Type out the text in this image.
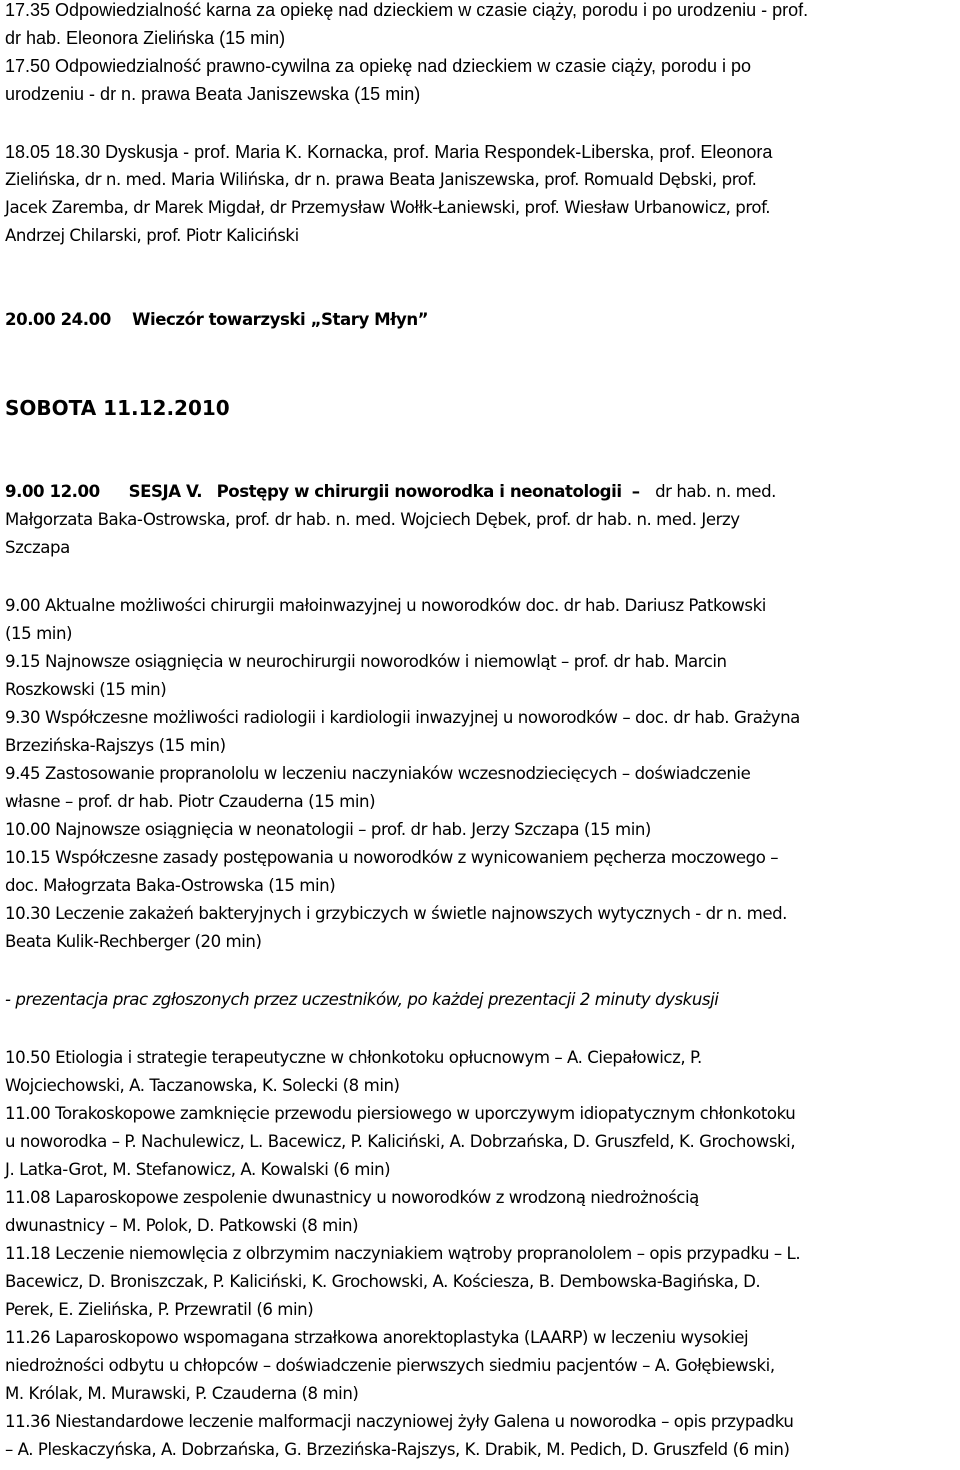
17.35 Odpowiedzialność karna za opiekę nad dzieckiem w czasie ciąży, porodu i po urodzeniu - prof.

dr hab. Eleonora Zielińska (15 min)

17.50 Odpowiedzialność prawno-cywilna za opiekę nad dzieckiem w czasie ciąży, porodu i po

urodzeniu - dr n. prawa Beata Janiszewska (15 min)

18.05 18.30 Dyskusja - prof. Maria K. Kornacka, prof. Maria Respondek-Liberska, prof. Eleonora

Zielińska, dr n. med. Maria Wilińska, dr n. prawa Beata Janiszewska, prof. Romuald Dębski, prof.

Jacek Zaremba, dr Marek Migdał, dr Przemysław Wołłk-Łaniewski, prof. Wiesław Urbanowicz, prof.

Andrzej Chilarski, prof. Piotr Kaliciński

20.00 24.00 Wieczór towarzyski „Stary Młyn”

SOBOTA 11.12.2010

9.00 12.00 SESJA V. Postępy w chirurgii noworodka i neonatologii  –   dr hab. n. med.

Małgorzata Baka-Ostrowska, prof. dr hab. n. med. Wojciech Dębek, prof. dr hab. n. med. Jerzy

Szczapa

9.00 Aktualne możliwości chirurgii małoinwazyjnej u noworodków doc. dr hab. Dariusz Patkowski

(15 min)

9.15 Najnowsze osiągnięcia w neurochirurgii noworodków i niemowląt – prof. dr hab. Marcin

Roszkowski (15 min)

9.30 Współczesne możliwości radiologii i kardiologii inwazyjnej u noworodków – doc. dr hab. Grażyna

Brzezińska-Rajszys (15 min)

9.45 Zastosowanie propranololu w leczeniu naczyniaków wczesnodziecięcych – doświadczenie

własne – prof. dr hab. Piotr Czauderna (15 min)

10.00 Najnowsze osiągnięcia w neonatologii – prof. dr hab. Jerzy Szczapa (15 min)

10.15 Współczesne zasady postępowania u noworodków z wynicowaniem pęcherza moczowego –

doc. Małogrzata Baka-Ostrowska (15 min)

10.30 Leczenie zakażeń bakteryjnych i grzybiczych w świetle najnowszych wytycznych - dr n. med.

Beata Kulik-Rechberger (20 min)

- prezentacja prac zgłoszonych przez uczestników, po każdej prezentacji 2 minuty dyskusji

10.50 Etiologia i strategie terapeutyczne w chłonkotoku opłucnowym – A. Ciepałowicz, P.

Wojciechowski, A. Taczanowska, K. Solecki (8 min)

11.00 Torakoskopowe zamknięcie przewodu piersiowego w uporczywym idiopatycznym chłonkotoku

u noworodka – P. Nachulewicz, L. Bacewicz, P. Kaliciński, A. Dobrzańska, D. Gruszfeld, K. Grochowski,

J. Latka-Grot, M. Stefanowicz, A. Kowalski (6 min)

11.08 Laparoskopowe zespolenie dwunastnicy u noworodków z wrodzoną niedrożnością

dwunastnicy – M. Polok, D. Patkowski (8 min)

11.18 Leczenie niemowlęcia z olbrzymim naczyniakiem wątroby propranololem – opis przypadku – L.

Bacewicz, D. Broniszczak, P. Kaliciński, K. Grochowski, A. Kościesza, B. Dembowska-Bagińska, D.

Perek, E. Zielińska, P. Przewratil (6 min)

11.26 Laparoskopowo wspomagana strzałkowa anorektoplastyka (LAARP) w leczeniu wysokiej

niedrożności odbytu u chłopców – doświadczenie pierwszych siedmiu pacjentów – A. Gołębiewski,

M. Królak, M. Murawski, P. Czauderna (8 min)

11.36 Niestandardowe leczenie malformacji naczyniowej żyły Galena u noworodka – opis przypadku

– A. Pleskaczyńska, A. Dobrzańska, G. Brzezińska-Rajszys, K. Drabik, M. Pedich, D. Gruszfeld (6 min)
